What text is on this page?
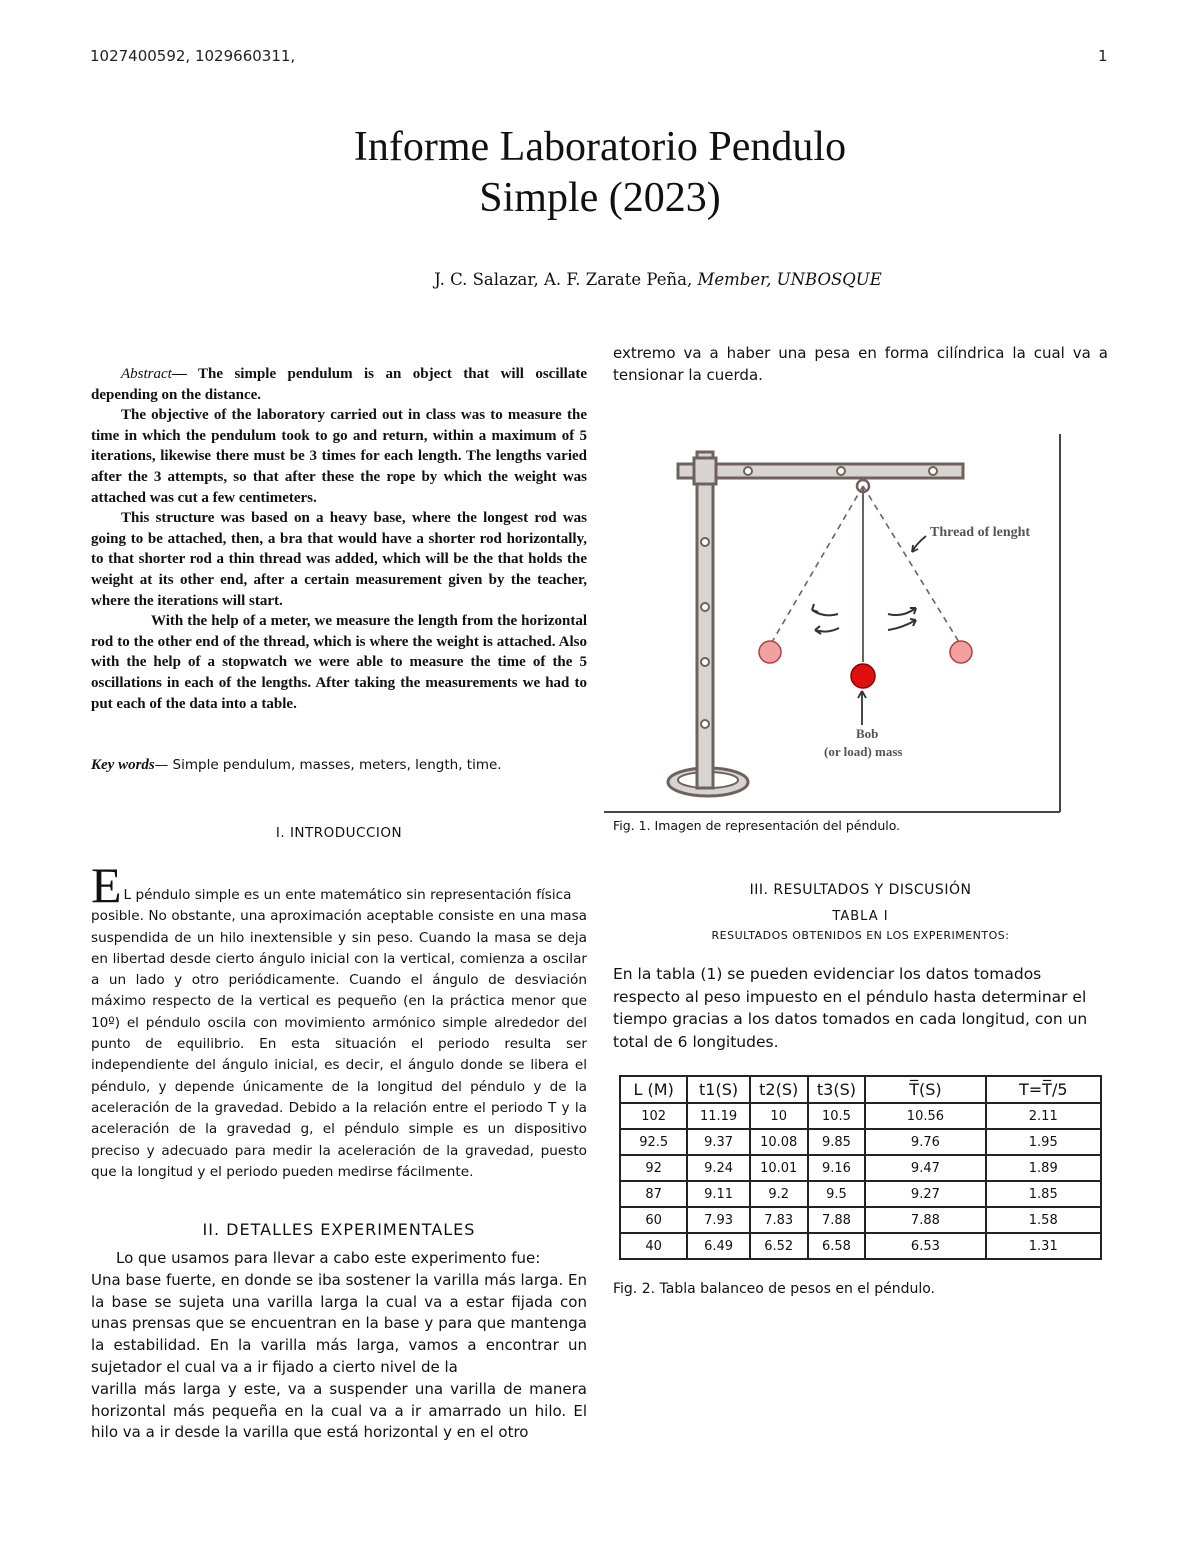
1027400592, 1029660311,	1
Informe Laboratorio Pendulo
Simple (2023)
J. C. Salazar, A. F. Zarate Peña, Member, UNBOSQUE

Abstract— The simple pendulum is an object that will oscillate depending on the distance.

The objective of the laboratory carried out in class was to measure the time in which the pendulum took to go and return, within a maximum of 5 iterations, likewise there must be 3 times for each length. The lengths varied after the 3 attempts, so that after these the rope by which the weight was attached was cut a few centimeters.

This structure was based on a heavy base, where the longest rod was going to be attached, then, a bra that would have a shorter rod horizontally, to that shorter rod a thin thread was added, which will be the that holds the weight at its other end, after a certain measurement given by the teacher, where the iterations will start.

With the help of a meter, we measure the length from the horizontal rod to the other end of the thread, which is where the weight is attached. Also with the help of a stopwatch we were able to measure the time of the 5 oscillations in each of the lengths. After taking the measurements we had to put each of the data into a table.

Key words— Simple pendulum, masses, meters, length, time.
I. INTRODUCCION
E L péndulo simple es un ente matemático sin representación física
posible. No obstante, una aproximación aceptable consiste en una masa suspendida de un hilo inextensible y sin peso. Cuando la masa se deja en libertad desde cierto ángulo inicial con la vertical, comienza a oscilar a un lado y otro periódicamente. Cuando el ángulo de desviación máximo respecto de la vertical es pequeño (en la práctica menor que 10º) el péndulo oscila con movimiento armónico simple alrededor del punto de equilibrio. En esta situación el periodo resulta ser independiente del ángulo inicial, es decir, el ángulo donde se libera el péndulo, y depende únicamente de la longitud del péndulo y de la aceleración de la gravedad. Debido a la relación entre el periodo T y la aceleración de la gravedad g, el péndulo simple es un dispositivo preciso y adecuado para medir la aceleración de la gravedad, puesto que la longitud y el periodo pueden medirse fácilmente.
II. DETALLES EXPERIMENTALES

Lo que usamos para llevar a cabo este experimento fue:

Una base fuerte, en donde se iba sostener la varilla más larga. En la base se sujeta una varilla larga la cual va a estar fijada con unas prensas que se encuentran en la base y para que mantenga la estabilidad. En la varilla más larga, vamos a encontrar un sujetador el cual va a ir fijado a cierto nivel de la

varilla más larga y este, va a suspender una varilla de manera horizontal más pequeña en la cual va a ir amarrado un hilo. El hilo va a ir desde la varilla que está horizontal y en el otro

extremo va a haber una pesa en forma cilíndrica la cual va a tensionar la cuerda.
Thread of lenght
Bob
(or load) mass
Fig. 1. Imagen de representación del péndulo.
III. RESULTADOS Y DISCUSIÓN
TABLA I
RESULTADOS OBTENIDOS EN LOS EXPERIMENTOS:
En la tabla (1) se pueden evidenciar los datos tomados respecto al peso impuesto en el péndulo hasta determinar el tiempo gracias a los datos tomados en cada longitud, con un total de 6 longitudes.
L (M)	t1(S)	t2(S)	t3(S)	T̅(S)	T=T̅/5
102	11.19	10	10.5	10.56	2.11
92.5	9.37	10.08	9.85	9.76	1.95
92	9.24	10.01	9.16	9.47	1.89
87	9.11	9.2	9.5	9.27	1.85
60	7.93	7.83	7.88	7.88	1.58
40	6.49	6.52	6.58	6.53	1.31
Fig. 2. Tabla balanceo de pesos en el péndulo.
